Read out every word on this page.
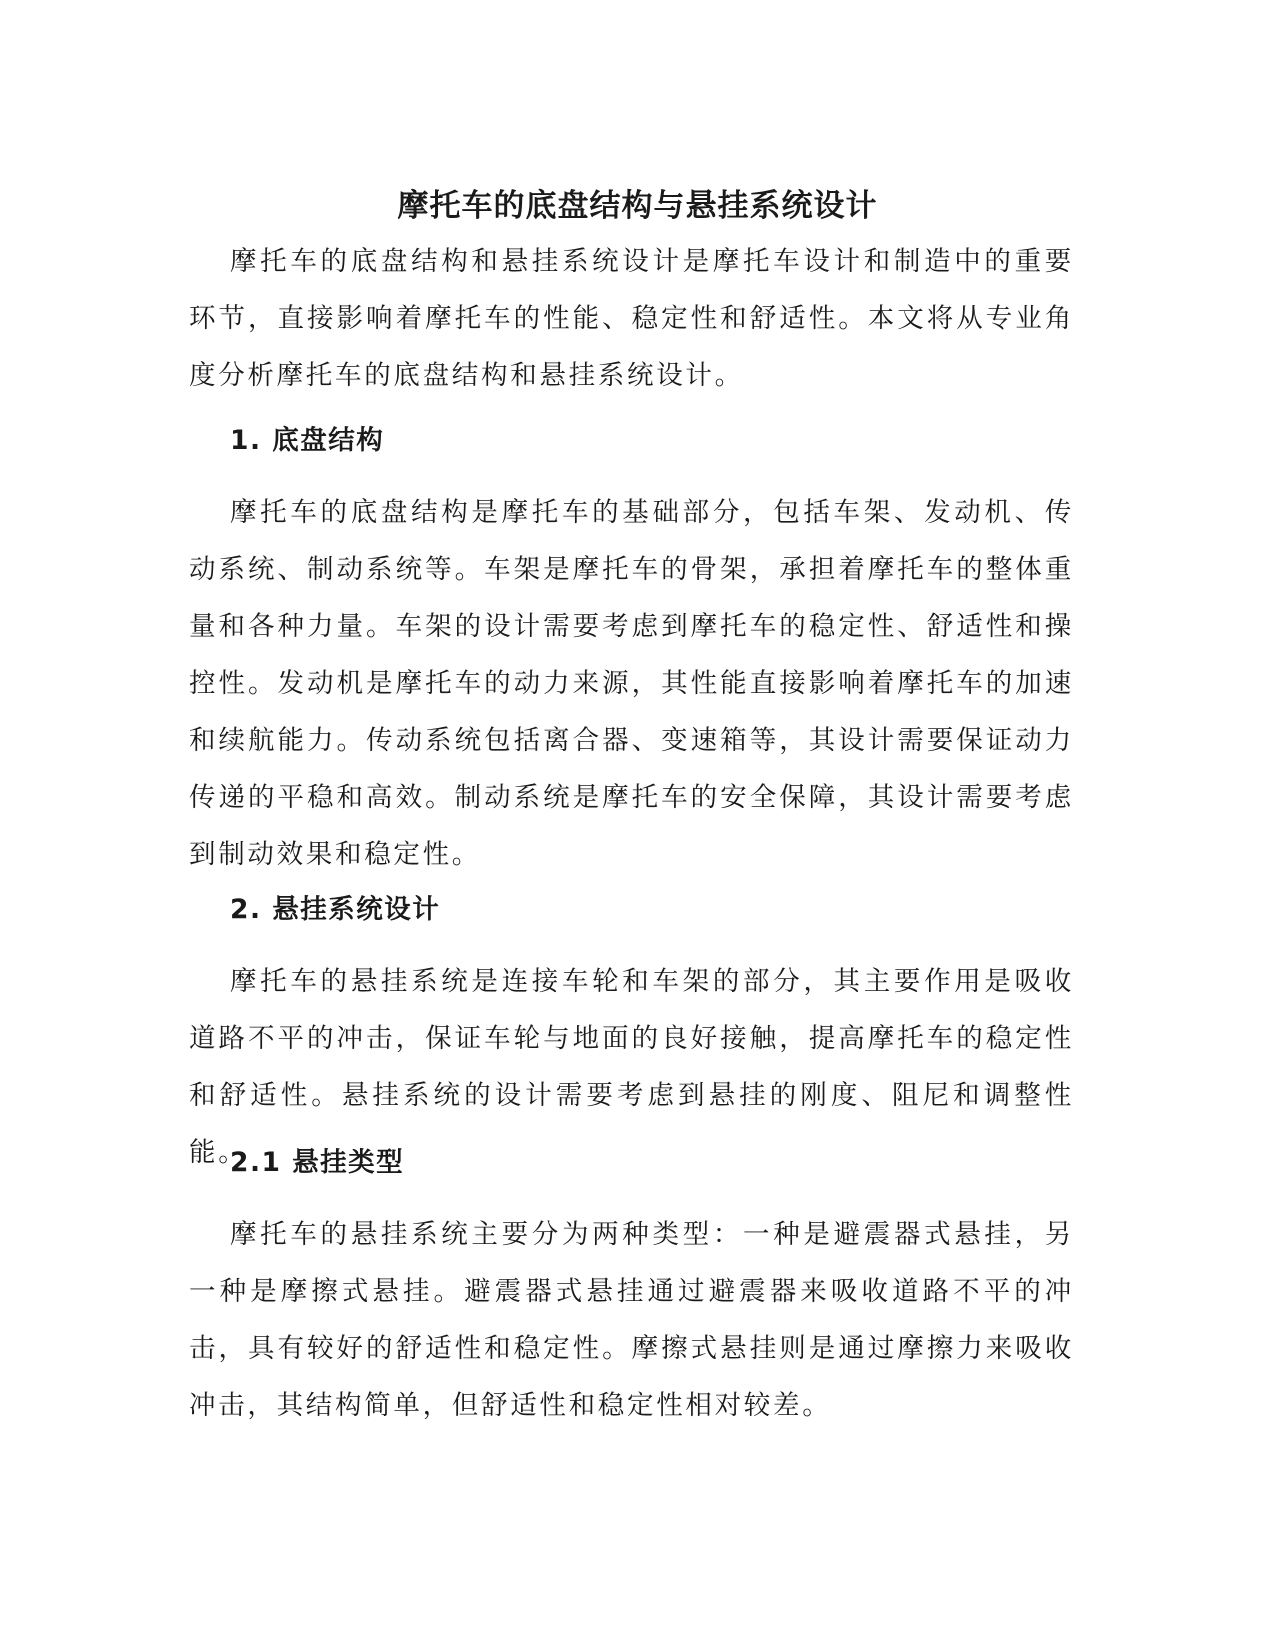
摩托车的底盘结构与悬挂系统设计

摩托车的底盘结构和悬挂系统设计是摩托车设计和制造中的重要环节，直接影响着摩托车的性能、稳定性和舒适性。本文将从专业角度分析摩托车的底盘结构和悬挂系统设计。

1. 底盘结构

摩托车的底盘结构是摩托车的基础部分，包括车架、发动机、传动系统、制动系统等。车架是摩托车的骨架，承担着摩托车的整体重量和各种力量。车架的设计需要考虑到摩托车的稳定性、舒适性和操控性。发动机是摩托车的动力来源，其性能直接影响着摩托车的加速和续航能力。传动系统包括离合器、变速箱等，其设计需要保证动力传递的平稳和高效。制动系统是摩托车的安全保障，其设计需要考虑到制动效果和稳定性。

2. 悬挂系统设计

摩托车的悬挂系统是连接车轮和车架的部分，其主要作用是吸收道路不平的冲击，保证车轮与地面的良好接触，提高摩托车的稳定性和舒适性。悬挂系统的设计需要考虑到悬挂的刚度、阻尼和调整性能。

2.1 悬挂类型

摩托车的悬挂系统主要分为两种类型：一种是避震器式悬挂，另一种是摩擦式悬挂。避震器式悬挂通过避震器来吸收道路不平的冲击，具有较好的舒适性和稳定性。摩擦式悬挂则是通过摩擦力来吸收冲击，其结构简单，但舒适性和稳定性相对较差。
